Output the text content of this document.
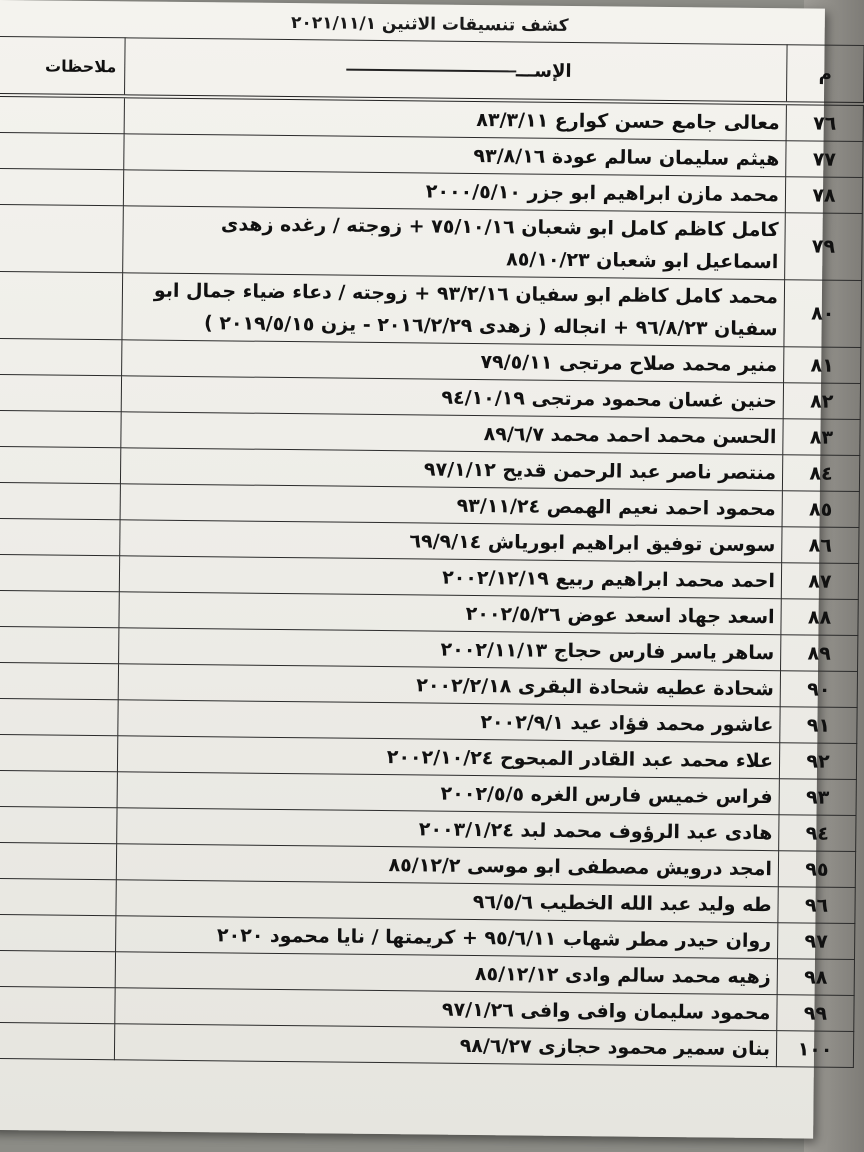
كشف تنسيقات الاثنين ٢٠٢١/١١/١
م	الإســـ	ملاحظات
٧٦	معالى جامع حسن كوارع ٨٣/٣/١١	
٧٧	هيثم سليمان سالم عودة ٩٣/٨/١٦	
٧٨	محمد مازن ابراهيم ابو جزر ٢٠٠٠/٥/١٠	
٧٩	كامل كاظم كامل ابو شعبان ٧٥/١٠/١٦ + زوجته / رغده زهدى اسماعيل ابو شعبان ٨٥/١٠/٢٣	
٨٠	محمد كامل كاظم ابو سفيان ٩٣/٢/١٦ + زوجته / دعاء ضياء جمال ابو سفيان ٩٦/٨/٢٣ + انجاله ( زهدى ٢٠١٦/٢/٢٩ - يزن ٢٠١٩/٥/١٥ )	
٨١	منير محمد صلاح مرتجى ٧٩/٥/١١	
٨٢	حنين غسان محمود مرتجى ٩٤/١٠/١٩	
٨٣	الحسن محمد احمد محمد ٨٩/٦/٧	
٨٤	منتصر ناصر عبد الرحمن قديح ٩٧/١/١٢	
٨٥	محمود احمد نعيم الهمص ٩٣/١١/٢٤	
٨٦	سوسن توفيق ابراهيم ابورياش ٦٩/٩/١٤	
٨٧	احمد محمد ابراهيم ربيع ٢٠٠٢/١٢/١٩	
٨٨	اسعد جهاد اسعد عوض ٢٠٠٢/٥/٢٦	
٨٩	ساهر ياسر فارس حجاج ٢٠٠٢/١١/١٣	
٩٠	شحادة عطيه شحادة البقرى ٢٠٠٢/٢/١٨	
٩١	عاشور محمد فؤاد عيد ٢٠٠٢/٩/١	
٩٢	علاء محمد عبد القادر المبحوح ٢٠٠٢/١٠/٢٤	
٩٣	فراس خميس فارس الغره ٢٠٠٢/٥/٥	
٩٤	هادى عبد الرؤوف محمد لبد ٢٠٠٣/١/٢٤	
٩٥	امجد درويش مصطفى ابو موسى ٨٥/١٢/٢	
٩٦	طه وليد عبد الله الخطيب ٩٦/٥/٦	
٩٧	روان حيدر مطر شهاب ٩٥/٦/١١ + كريمتها / نايا محمود ٢٠٢٠	
٩٨	زهيه محمد سالم وادى ٨٥/١٢/١٢	
٩٩	محمود سليمان وافى وافى ٩٧/١/٢٦	
١٠٠	بنان سمير محمود حجازى ٩٨/٦/٢٧	
